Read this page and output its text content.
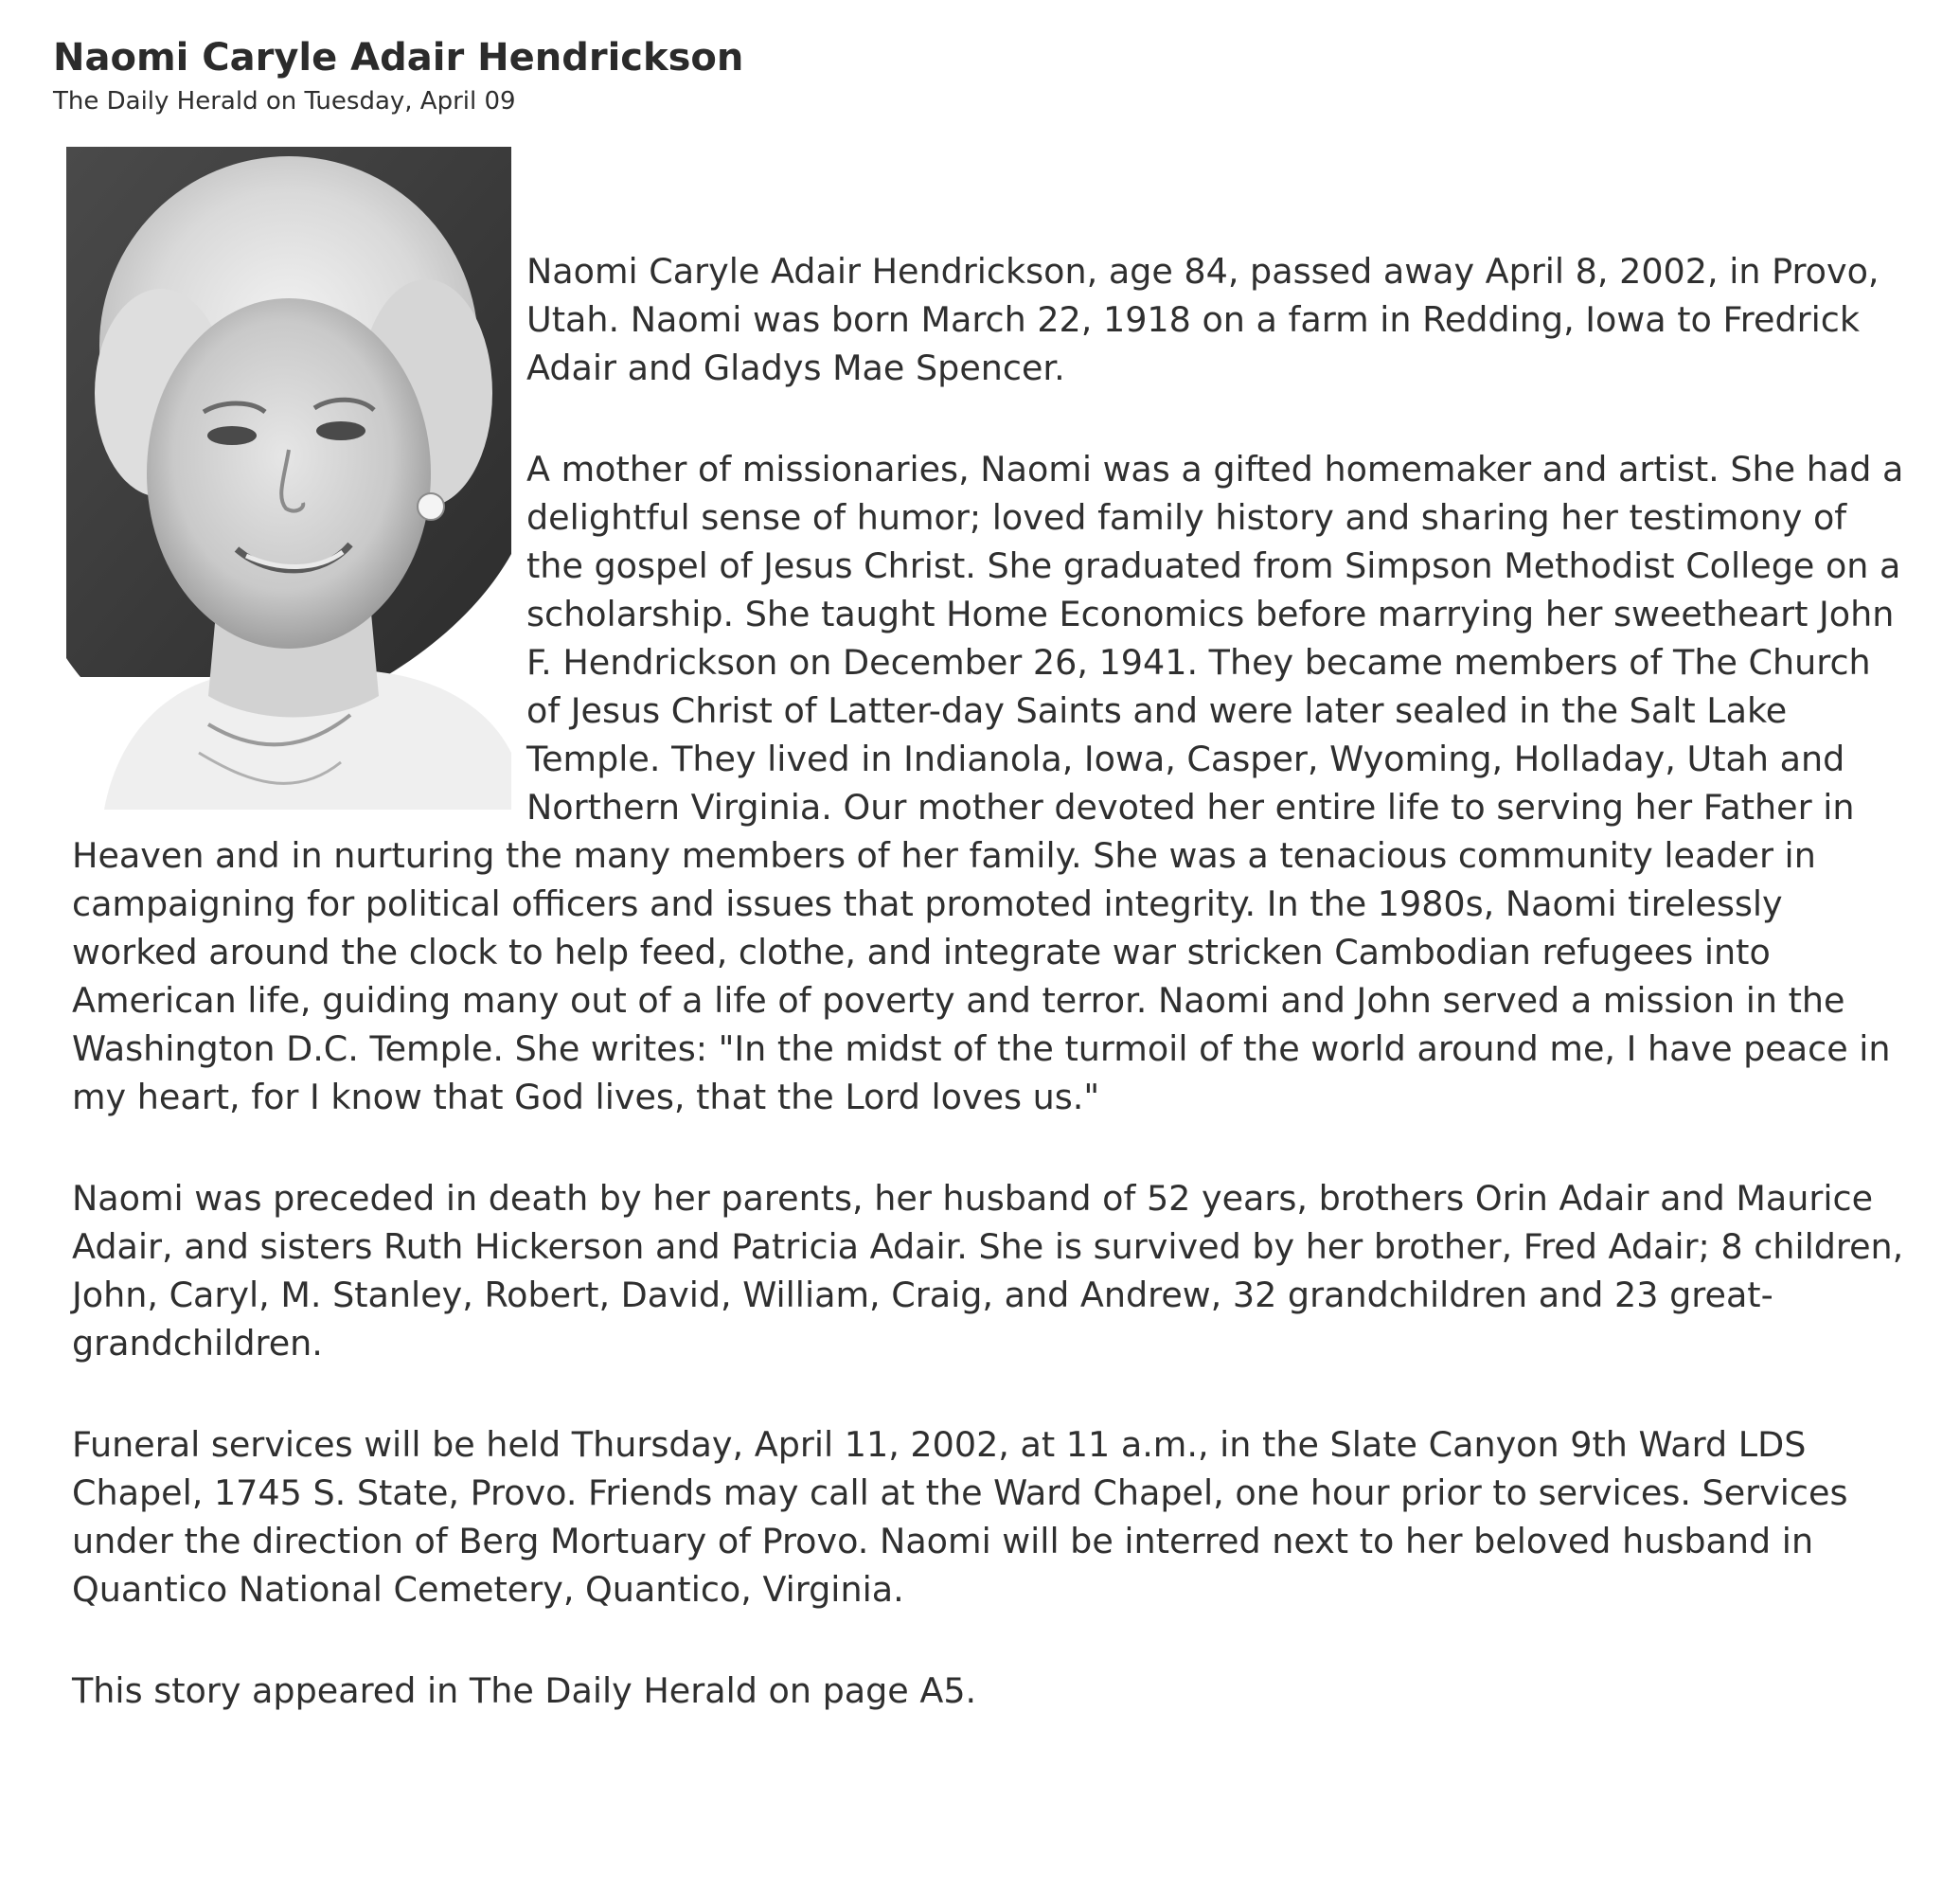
Naomi Caryle Adair Hendrickson
The Daily Herald on Tuesday, April 09

Naomi Caryle Adair Hendrickson, age 84, passed away April 8, 2002, in Provo, Utah. Naomi was born March 22, 1918 on a farm in Redding, Iowa to Fredrick Adair and Gladys Mae Spencer.

A mother of missionaries, Naomi was a gifted homemaker and artist. She had a delightful sense of humor; loved family history and sharing her testimony of the gospel of Jesus Christ. She graduated from Simpson Methodist College on a scholarship. She taught Home Economics before marrying her sweetheart John F. Hendrickson on December 26, 1941. They became members of The Church of Jesus Christ of Latter-day Saints and were later sealed in the Salt Lake Temple. They lived in Indianola, Iowa, Casper, Wyoming, Holladay, Utah and Northern Virginia. Our mother devoted her entire life to serving her Father in Heaven and in nurturing the many members of her family. She was a tenacious community leader in campaigning for political officers and issues that promoted integrity. In the 1980s, Naomi tirelessly worked around the clock to help feed, clothe, and integrate war stricken Cambodian refugees into American life, guiding many out of a life of poverty and terror. Naomi and John served a mission in the Washington D.C. Temple. She writes: "In the midst of the turmoil of the world around me, I have peace in my heart, for I know that God lives, that the Lord loves us."

Naomi was preceded in death by her parents, her husband of 52 years, brothers Orin Adair and Maurice Adair, and sisters Ruth Hickerson and Patricia Adair. She is survived by her brother, Fred Adair; 8 children, John, Caryl, M. Stanley, Robert, David, William, Craig, and Andrew, 32 grandchildren and 23 great-grandchildren.

Funeral services will be held Thursday, April 11, 2002, at 11 a.m., in the Slate Canyon 9th Ward LDS Chapel, 1745 S. State, Provo. Friends may call at the Ward Chapel, one hour prior to services. Services under the direction of Berg Mortuary of Provo. Naomi will be interred next to her beloved husband in Quantico National Cemetery, Quantico, Virginia.

This story appeared in The Daily Herald on page A5.
